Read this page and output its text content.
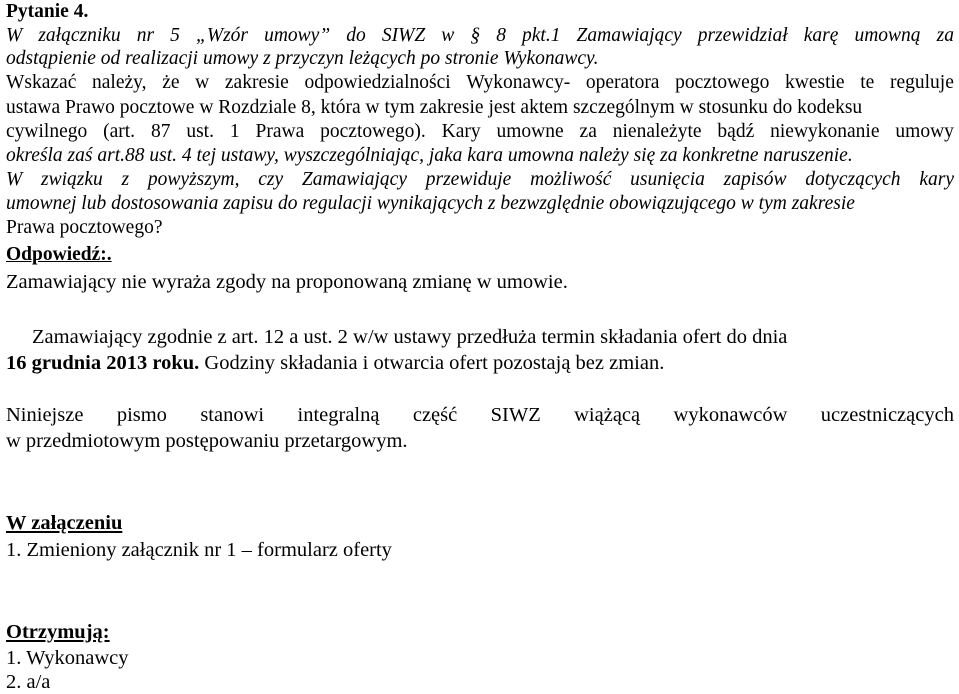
Pytanie 4.
W załączniku nr 5 „Wzór umowy” do SIWZ w § 8 pkt.1 Zamawiający przewidział karę umowną za
odstąpienie od realizacji umowy z przyczyn leżących po stronie Wykonawcy.
Wskazać należy, że w zakresie odpowiedzialności Wykonawcy- operatora pocztowego kwestie te reguluje
ustawa Prawo pocztowe w Rozdziale 8, która w tym zakresie jest aktem szczególnym w stosunku do kodeksu
cywilnego (art. 87 ust. 1 Prawa pocztowego). Kary umowne za nienależyte bądź niewykonanie umowy
określa zaś art.88 ust. 4 tej ustawy, wyszczególniając, jaka kara umowna należy się za konkretne naruszenie.
W związku z powyższym, czy Zamawiający przewiduje możliwość usunięcia zapisów dotyczących kary
umownej lub dostosowania zapisu do regulacji wynikających z bezwzględnie obowiązującego w tym zakresie
Prawa pocztowego?
Odpowiedź:.
Zamawiający nie wyraża zgody na proponowaną zmianę w umowie.
Zamawiający zgodnie z art. 12 a ust. 2 w/w ustawy przedłuża termin składania ofert do dnia
16 grudnia 2013 roku. Godziny składania i otwarcia ofert pozostają bez zmian.
Niniejsze pismo stanowi integralną część SIWZ wiążącą wykonawców uczestniczących
w przedmiotowym postępowaniu przetargowym.
W załączeniu
1. Zmieniony załącznik nr 1 – formularz oferty
Otrzymują:
1. Wykonawcy
2. a/a
